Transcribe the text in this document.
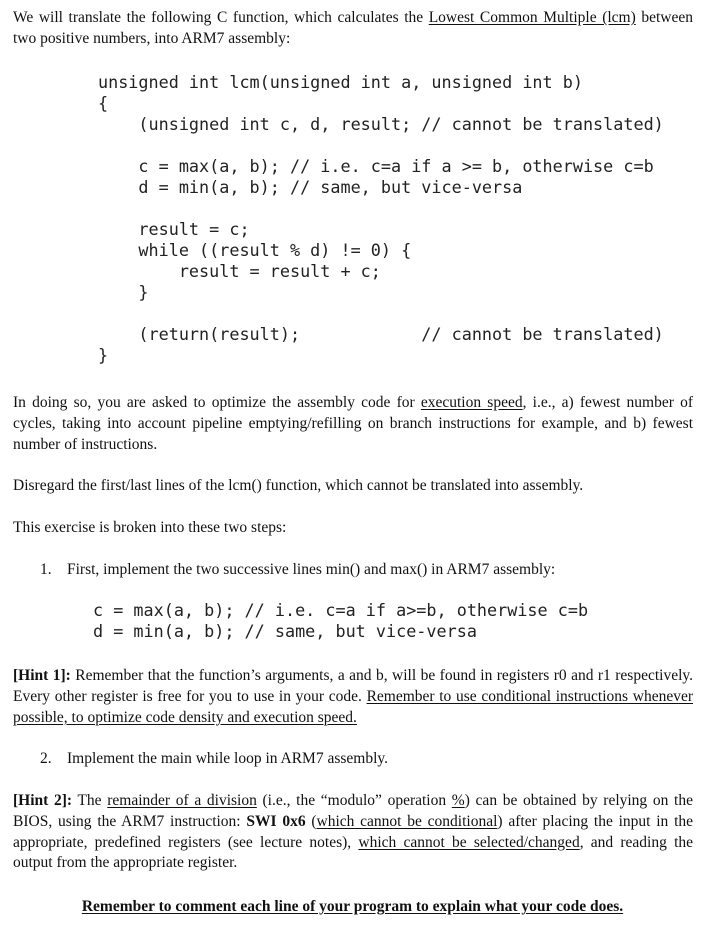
We will translate the following C function, which calculates the Lowest Common Multiple (lcm) between two positive numbers, into ARM7 assembly:

unsigned int lcm(unsigned int a, unsigned int b)
{
(unsigned int c, d, result; // cannot be translated)

c = max(a, b); // i.e. c=a if a >= b, otherwise c=b
d = min(a, b); // same, but vice-versa

result = c;
while ((result % d) != 0) {
result = result + c;
}

(return(result);            // cannot be translated)
}

In doing so, you are asked to optimize the assembly code for execution speed, i.e., a) fewest number of cycles, taking into account pipeline emptying/refilling on branch instructions for example, and b) fewest number of instructions.

Disregard the first/last lines of the lcm() function, which cannot be translated into assembly.

This exercise is broken into these two steps:

1. First, implement the two successive lines min() and max() in ARM7 assembly:
c = max(a, b); // i.e. c=a if a>=b, otherwise c=b
d = min(a, b); // same, but vice-versa

[Hint 1]: Remember that the function’s arguments, a and b, will be found in registers r0 and r1 respectively. Every other register is free for you to use in your code. Remember to use conditional instructions whenever possible, to optimize code density and execution speed.

2. Implement the main while loop in ARM7 assembly.

[Hint 2]: The remainder of a division (i.e., the “modulo” operation %) can be obtained by relying on the BIOS, using the ARM7 instruction: SWI 0x6 (which cannot be conditional) after placing the input in the appropriate, predefined registers (see lecture notes), which cannot be selected/changed, and reading the output from the appropriate register.

Remember to comment each line of your program to explain what your code does.
